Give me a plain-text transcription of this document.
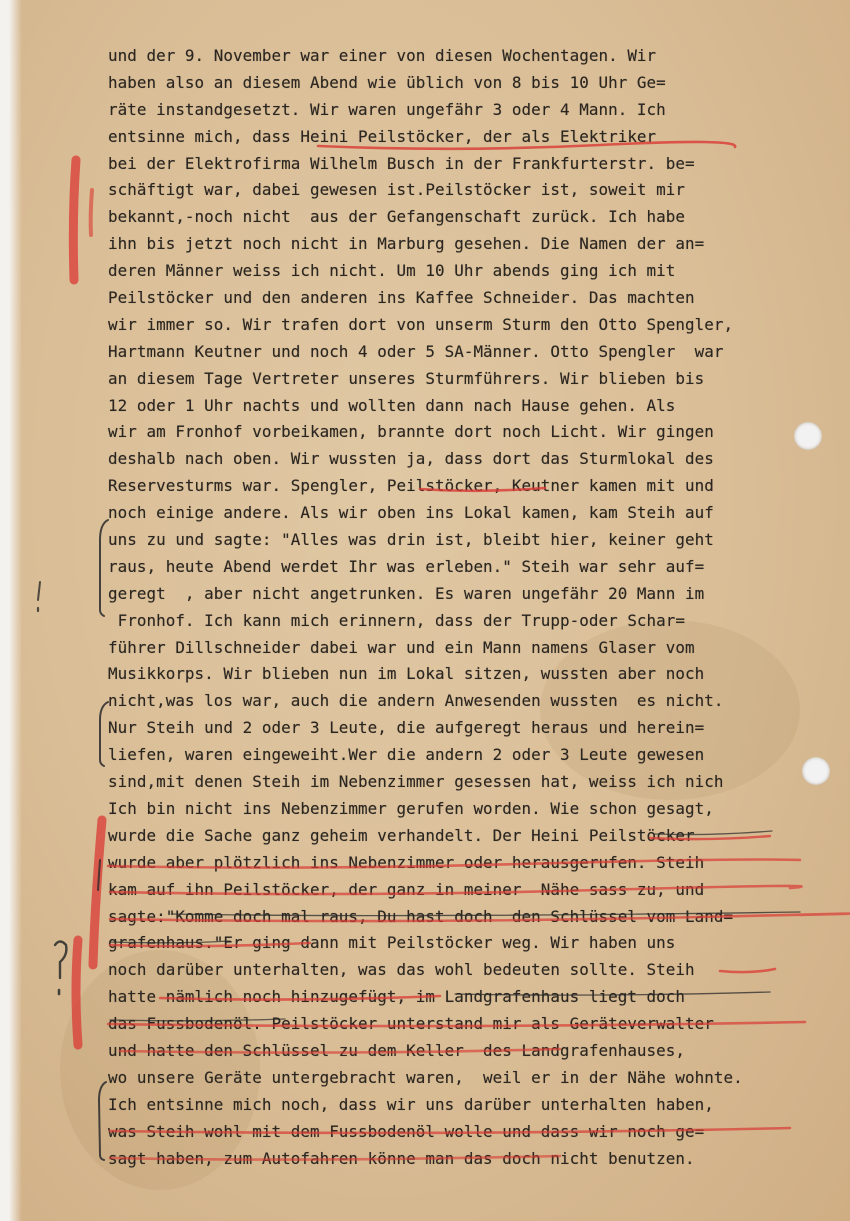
und der 9. November war einer von diesen Wochentagen. Wir
haben also an diesem Abend wie üblich von 8 bis 10 Uhr Ge=
räte instandgesetzt. Wir waren ungefähr 3 oder 4 Mann. Ich
entsinne mich, dass Heini Peilstöcker, der als Elektriker
bei der Elektrofirma Wilhelm Busch in der Frankfurterstr. be=
schäftigt war, dabei gewesen ist.Peilstöcker ist, soweit mir
bekannt,-noch nicht  aus der Gefangenschaft zurück. Ich habe
ihn bis jetzt noch nicht in Marburg gesehen. Die Namen der an=
deren Männer weiss ich nicht. Um 10 Uhr abends ging ich mit
Peilstöcker und den anderen ins Kaffee Schneider. Das machten
wir immer so. Wir trafen dort von unserm Sturm den Otto Spengler,
Hartmann Keutner und noch 4 oder 5 SA-Männer. Otto Spengler  war
an diesem Tage Vertreter unseres Sturmführers. Wir blieben bis
12 oder 1 Uhr nachts und wollten dann nach Hause gehen. Als
wir am Fronhof vorbeikamen, brannte dort noch Licht. Wir gingen
deshalb nach oben. Wir wussten ja, dass dort das Sturmlokal des
Reservesturms war. Spengler, Peilstöcker, Keutner kamen mit und
noch einige andere. Als wir oben ins Lokal kamen, kam Steih auf
uns zu und sagte: "Alles was drin ist, bleibt hier, keiner geht
raus, heute Abend werdet Ihr was erleben." Steih war sehr auf=
geregt  , aber nicht angetrunken. Es waren ungefähr 20 Mann im
Fronhof. Ich kann mich erinnern, dass der Trupp-oder Schar=
führer Dillschneider dabei war und ein Mann namens Glaser vom
Musikkorps. Wir blieben nun im Lokal sitzen, wussten aber noch
nicht,was los war, auch die andern Anwesenden wussten  es nicht.
Nur Steih und 2 oder 3 Leute, die aufgeregt heraus und herein=
liefen, waren eingeweiht.Wer die andern 2 oder 3 Leute gewesen
sind,mit denen Steih im Nebenzimmer gesessen hat, weiss ich nich
Ich bin nicht ins Nebenzimmer gerufen worden. Wie schon gesagt,
wurde die Sache ganz geheim verhandelt. Der Heini Peilstöcker
wurde aber plötzlich ins Nebenzimmer oder herausgerufen. Steih
kam auf ihn Peilstöcker, der ganz in meiner  Nähe sass zu, und
sagte:"Komme doch mal raus, Du hast doch  den Schlüssel vom Land=
grafenhaus."Er ging dann mit Peilstöcker weg. Wir haben uns
noch darüber unterhalten, was das wohl bedeuten sollte. Steih
hatte nämlich noch hinzugefügt, im Landgrafenhaus liegt doch
das Fussbodenöl. Peilstöcker unterstand mir als Geräteverwalter
und hatte den Schlüssel zu dem Keller  des Landgrafenhauses,
wo unsere Geräte untergebracht waren,  weil er in der Nähe wohnte.
Ich entsinne mich noch, dass wir uns darüber unterhalten haben,
was Steih wohl mit dem Fussbodenöl wolle und dass wir noch ge=
sagt haben, zum Autofahren könne man das doch nicht benutzen.
